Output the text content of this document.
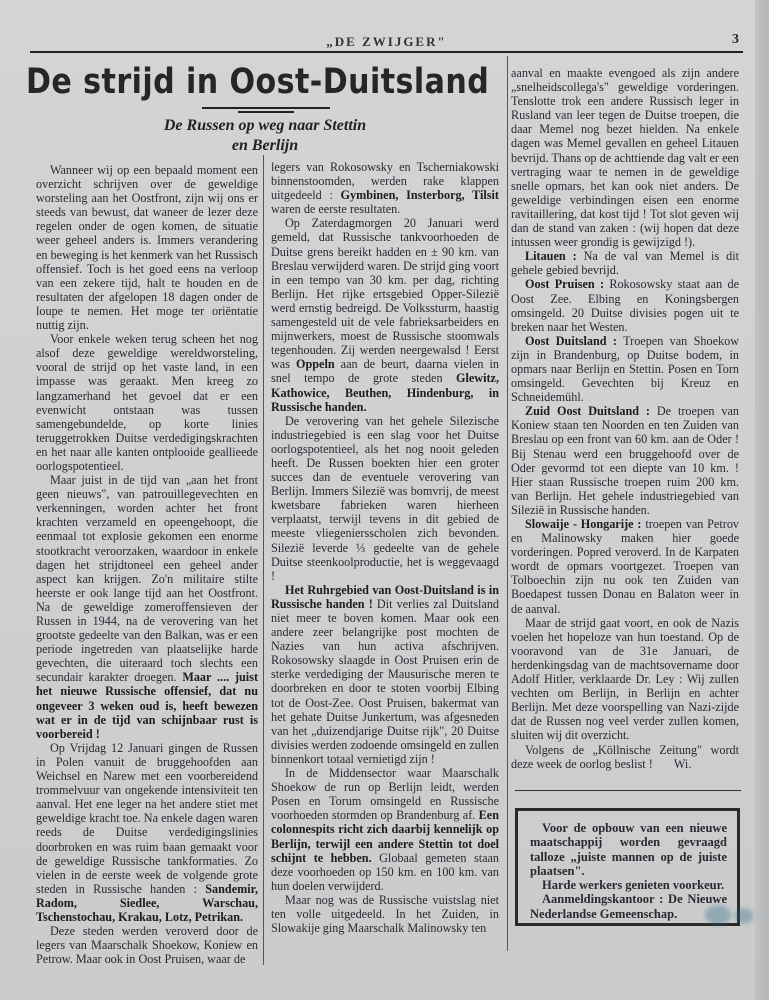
„DE ZWIJGER"	3
De strijd in Oost-Duitsland
De Russen op weg naar Stettin
en Berlijn

Wanneer wij op een bepaald moment een overzicht schrijven over de geweldige worsteling aan het Oostfront, zijn wij ons er steeds van bewust, dat waneer de lezer deze regelen onder de ogen komen, de situatie weer geheel anders is. Immers verandering en beweging is het kenmerk van het Russisch offensief. Toch is het goed eens na verloop van een zekere tijd, halt te houden en de resultaten der afgelopen 18 dagen onder de loupe te nemen. Het moge ter oriëntatie nuttig zijn.

Voor enkele weken terug scheen het nog alsof deze geweldige wereldworsteling, vooral de strijd op het vaste land, in een impasse was geraakt. Men kreeg zo langzamerhand het gevoel dat er een evenwicht ontstaan was tussen samengebundelde, op korte linies teruggetrokken Duitse verdedigingskrachten en het naar alle kanten ontplooide geallieede oorlogspotentieel.

Maar juist in de tijd van „aan het front geen nieuws", van patrouillegevechten en verkenningen, worden achter het front krachten verzameld en opeengehoopt, die eenmaal tot explosie gekomen een enorme stootkracht veroorzaken, waardoor in enkele dagen het strijdtoneel een geheel ander aspect kan krijgen. Zo'n militaire stilte heerste er ook lange tijd aan het Oostfront. Na de geweldige zomeroffensieven der Russen in 1944, na de verovering van het grootste gedeelte van den Balkan, was er een periode ingetreden van plaatselijke harde gevechten, die uiteraard toch slechts een secundair karakter droegen. Maar .... juist het nieuwe Russische offensief, dat nu ongeveer 3 weken oud is, heeft bewezen wat er in de tijd van schijnbaar rust is voorbereid !

Op Vrijdag 12 Januari gingen de Russen in Polen vanuit de bruggehoofden aan Weichsel en Narew met een voorbereidend trommelvuur van ongekende intensiviteit ten aanval. Het ene leger na het andere stiet met geweldige kracht toe. Na enkele dagen waren reeds de Duitse verdedigingslinies doorbroken en was ruim baan gemaakt voor de geweldige Russische tankformaties. Zo vielen in de eerste week de volgende grote steden in Russische handen : Sandemir, Radom, Siedlee, Warschau, Tschenstochau, Krakau, Lotz, Petrikan.

Deze steden werden veroverd door de legers van Maarschalk Shoekow, Koniew en Petrow. Maar ook in Oost Pruisen, waar de

legers van Rokosowsky en Tscherniakowski binnenstoomden, werden rake klappen uitgedeeld : Gymbinen, Insterborg, Tilsit waren de eerste resultaten.

Op Zaterdagmorgen 20 Januari werd gemeld, dat Russische tankvoorhoeden de Duitse grens bereikt hadden en ± 90 km. van Breslau verwijderd waren. De strijd ging voort in een tempo van 30 km. per dag, richting Berlijn. Het rijke ertsgebied Opper-Silezië werd ernstig bedreigd. De Volkssturm, haastig samengesteld uit de vele fabrieksarbeiders en mijnwerkers, moest de Russische stoomwals tegenhouden. Zij werden neergewalsd ! Eerst was Oppeln aan de beurt, daarna vielen in snel tempo de grote steden Glewitz, Kathowice, Beuthen, Hindenburg, in Russische handen.

De verovering van het gehele Silezische industriegebied is een slag voor het Duitse oorlogspotentieel, als het nog nooit geleden heeft. De Russen boekten hier een groter succes dan de eventuele verovering van Berlijn. Immers Silezië was bomvrij, de meest kwetsbare fabrieken waren hierheen verplaatst, terwijl tevens in dit gebied de meeste vliegeniersscholen zich bevonden. Silezië leverde ⅓ gedeelte van de gehele Duitse steenkoolproductie, het is weggevaagd !

Het Ruhrgebied van Oost-Duitsland is in Russische handen ! Dit verlies zal Duitsland niet meer te boven komen. Maar ook een andere zeer belangrijke post mochten de Nazies van hun activa afschrijven. Rokosowsky slaagde in Oost Pruisen erin de sterke verdediging der Mausurische meren te doorbreken en door te stoten voorbij Elbing tot de Oost-Zee. Oost Pruisen, bakermat van het gehate Duitse Junkertum, was afgesneden van het „duizendjarige Duitse rijk", 20 Duitse divisies werden zodoende omsingeld en zullen binnenkort totaal vernietigd zijn !

In de Middensector waar Maarschalk Shoekow de run op Berlijn leidt, werden Posen en Torum omsingeld en Russische voorhoeden stormden op Brandenburg af. Een colonnespits richt zich daarbij kennelijk op Berlijn, terwijl een andere Stettin tot doel schijnt te hebben. Globaal gemeten staan deze voorhoeden op 150 km. en 100 km. van hun doelen verwijderd.

Maar nog was de Russische vuistslag niet ten volle uitgedeeld. In het Zuiden, in Slowakije ging Maarschalk Malinowsky ten

aanval en maakte evengoed als zijn andere „snelheidscollega's" geweldige vorderingen. Tenslotte trok een andere Russisch leger in Rusland van leer tegen de Duitse troepen, die daar Memel nog bezet hielden. Na enkele dagen was Memel gevallen en geheel Litauen bevrijd. Thans op de achttiende dag valt er een vertraging waar te nemen in de geweldige snelle opmars, het kan ook niet anders. De geweldige verbindingen eisen een enorme ravitaillering, dat kost tijd ! Tot slot geven wij dan de stand van zaken : (wij hopen dat deze intussen weer grondig is gewijzigd !).

Litauen : Na de val van Memel is dit gehele gebied bevrijd.

Oost Pruisen : Rokosowsky staat aan de Oost Zee. Elbing en Koningsbergen omsingeld. 20 Duitse divisies pogen uit te breken naar het Westen.

Oost Duitsland : Troepen van Shoekow zijn in Brandenburg, op Duitse bodem, in opmars naar Berlijn en Stettin. Posen en Torn omsingeld. Gevechten bij Kreuz en Schneidemühl.

Zuid Oost Duitsland : De troepen van Koniew staan ten Noorden en ten Zuiden van Breslau op een front van 60 km. aan de Oder ! Bij Stenau werd een bruggehoofd over de Oder gevormd tot een diepte van 10 km. ! Hier staan Russische troepen ruim 200 km. van Berlijn. Het gehele industriegebied van Silezië in Russische handen.

Slowaije - Hongarije : troepen van Petrov en Malinowsky maken hier goede vorderingen. Popred veroverd. In de Karpaten wordt de opmars voortgezet. Troepen van Tolboechin zijn nu ook ten Zuiden van Boedapest tussen Donau en Balaton weer in de aanval.

Maar de strijd gaat voort, en ook de Nazis voelen het hopeloze van hun toestand. Op de vooravond van de 31e Januari, de herdenkingsdag van de machtsovername door Adolf Hitler, verklaarde Dr. Ley : Wij zullen vechten om Berlijn, in Berlijn en achter Berlijn. Met deze voorspelling van Nazi-zijde dat de Russen nog veel verder zullen komen, sluiten wij dit overzicht.

Volgens de „Köllnische Zeitung" wordt deze week de oorlog beslist ! Wi.

Voor de opbouw van een nieuwe maatschappij worden gevraagd talloze „juiste mannen op de juiste plaatsen".

Harde werkers genieten voorkeur.

Aanmeldingskantoor : De Nieuwe Nederlandse Gemeenschap.
